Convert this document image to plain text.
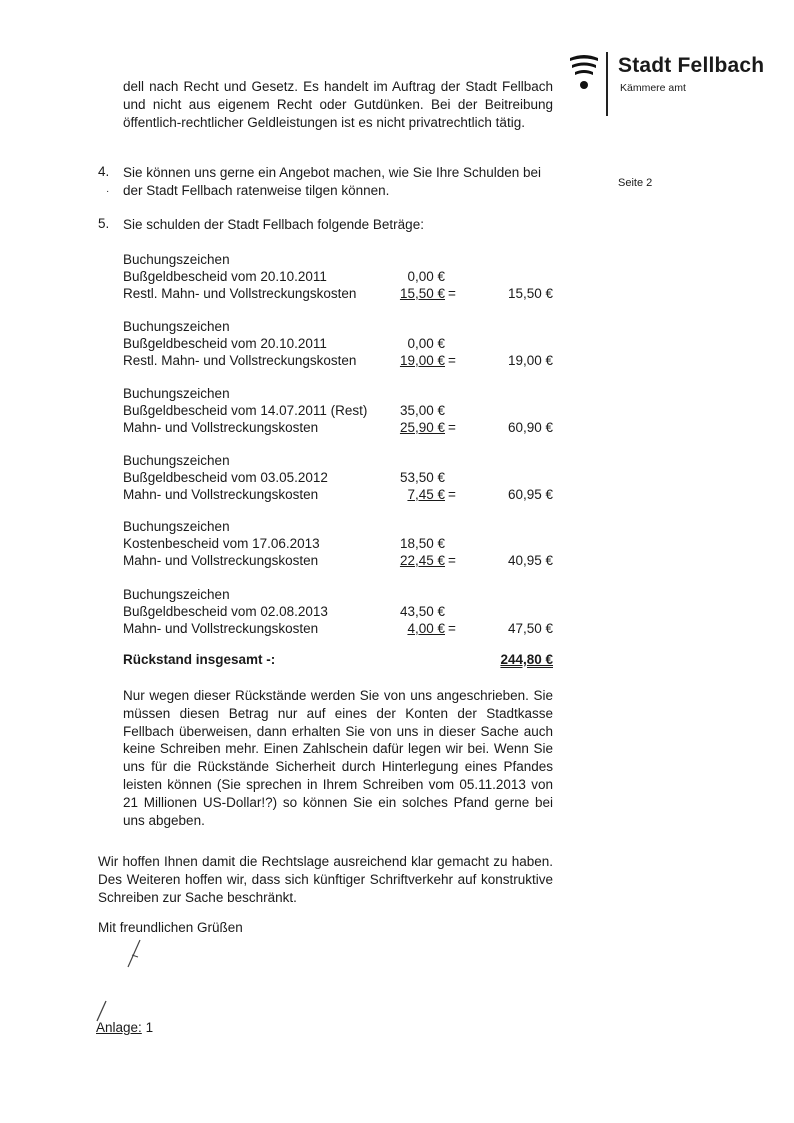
Stadt Fellbach
Kämmere amt
Seite 2
dell nach Recht und Gesetz. Es handelt im Auftrag der Stadt Fellbach und nicht aus eigenem Recht oder Gutdünken. Bei der Beitreibung öffentlich-rechtlicher Geldleistungen ist es nicht privatrechtlich tätig.
4. Sie können uns gerne ein Angebot machen, wie Sie Ihre Schulden bei der Stadt Fellbach ratenweise tilgen können.
·
5. Sie schulden der Stadt Fellbach folgende Beträge:
Buchungszeichen
Bußgeldbescheid vom 20.10.2011	0,00 €
Restl. Mahn- und Vollstreckungskosten	15,50 € =	15,50 €
Buchungszeichen
Bußgeldbescheid vom 20.10.2011	0,00 €
Restl. Mahn- und Vollstreckungskosten	19,00 € =	19,00 €
Buchungszeichen
Bußgeldbescheid vom 14.07.2011 (Rest)	35,00 €
Mahn- und Vollstreckungskosten	25,90 € =	60,90 €
Buchungszeichen
Bußgeldbescheid vom 03.05.2012	53,50 €
Mahn- und Vollstreckungskosten	7,45 € =	60,95 €
Buchungszeichen
Kostenbescheid vom 17.06.2013	18,50 €
Mahn- und Vollstreckungskosten	22,45 € =	40,95 €
Buchungszeichen
Bußgeldbescheid vom 02.08.2013	43,50 €
Mahn- und Vollstreckungskosten	4,00 € =	47,50 €
Rückstand insgesamt -:	244,80 €
Nur wegen dieser Rückstände werden Sie von uns angeschrieben. Sie müssen diesen Betrag nur auf eines der Konten der Stadtkasse Fellbach überweisen, dann erhalten Sie von uns in dieser Sache auch keine Schreiben mehr. Einen Zahlschein dafür legen wir bei. Wenn Sie uns für die Rückstände Sicherheit durch Hinterlegung eines Pfandes leisten können (Sie sprechen in Ihrem Schreiben vom 05.11.2013 von 21 Millionen US-Dollar!?) so können Sie ein solches Pfand gerne bei uns abgeben.
Wir hoffen Ihnen damit die Rechtslage ausreichend klar gemacht zu haben. Des Weiteren hoffen wir, dass sich künftiger Schriftverkehr auf konstruktive Schreiben zur Sache beschränkt.
Mit freundlichen Grüßen
Anlage: 1
